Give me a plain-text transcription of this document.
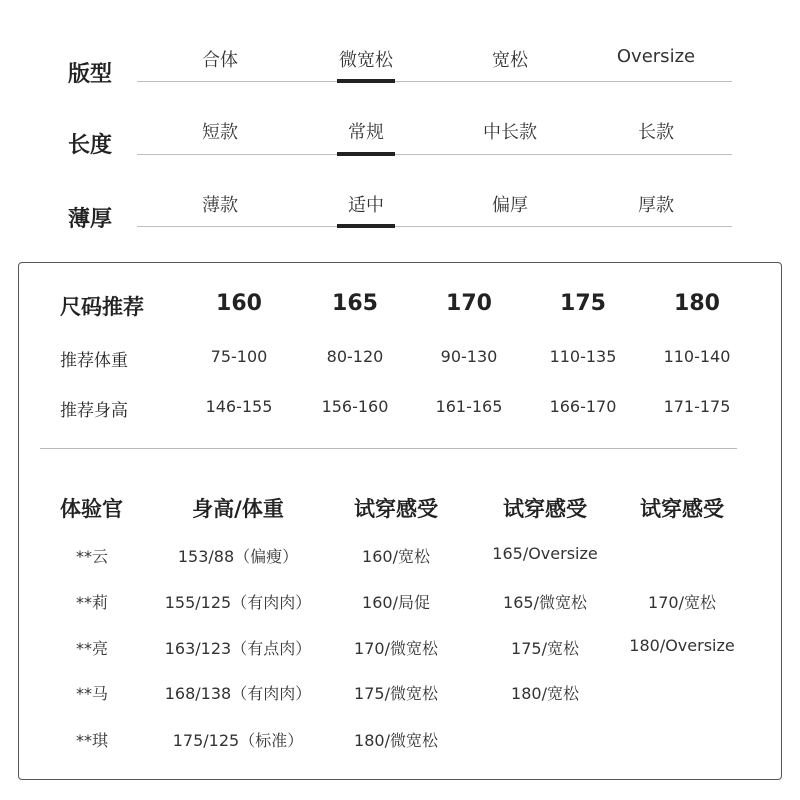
版型
合体	微宽松	宽松	Oversize
长度
短款	常规	中长款	长款
薄厚
薄款	适中	偏厚	厚款
尺码推荐	160	165	170	175	180
推荐体重	75-100	80-120	90-130	110-135	110-140
推荐身高	146-155	156-160	161-165	166-170	171-175
体验官	身高/体重	试穿感受	试穿感受	试穿感受
**云	153/88（偏瘦）	160/宽松	165/Oversize
**莉	155/125（有肉肉）	160/局促	165/微宽松	170/宽松
**亮	163/123（有点肉）	170/微宽松	175/宽松	180/Oversize
**马	168/138（有肉肉）	175/微宽松	180/宽松
**琪	175/125（标准）	180/微宽松
